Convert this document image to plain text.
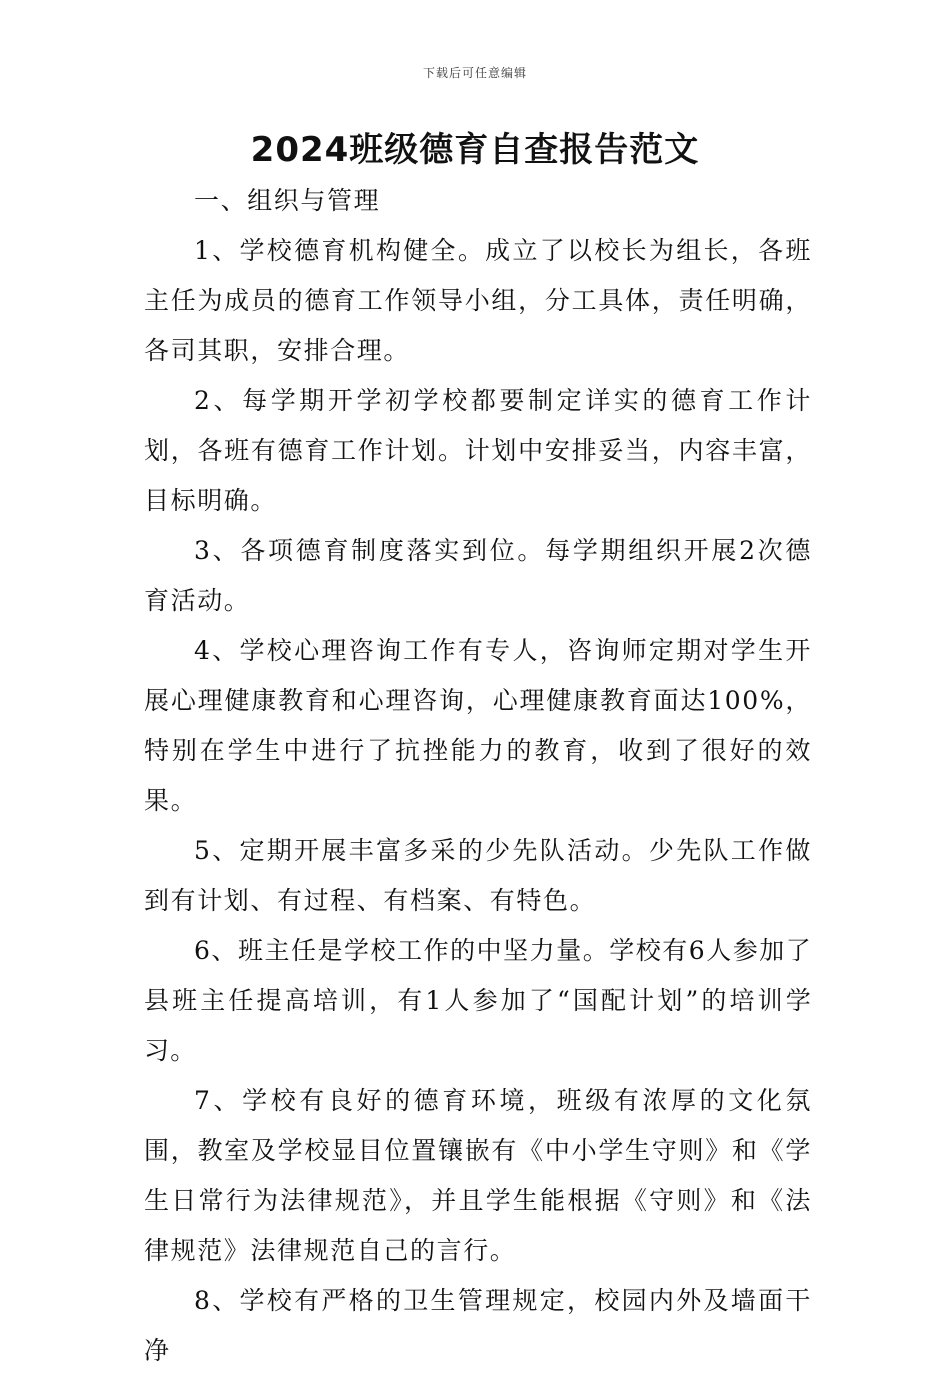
下载后可任意编辑
2024班级德育自查报告范文

一、组织与管理

1、学校德育机构健全。成立了以校长为组长，各班主任为成员的德育工作领导小组，分工具体，责任明确，各司其职，安排合理。

2、每学期开学初学校都要制定详实的德育工作计划，各班有德育工作计划。计划中安排妥当，内容丰富，目标明确。

3、各项德育制度落实到位。每学期组织开展2次德育活动。

4、学校心理咨询工作有专人，咨询师定期对学生开展心理健康教育和心理咨询，心理健康教育面达100%，特别在学生中进行了抗挫能力的教育，收到了很好的效果。

5、定期开展丰富多采的少先队活动。少先队工作做到有计划、有过程、有档案、有特色。

6、班主任是学校工作的中坚力量。学校有6人参加了县班主任提高培训，有1人参加了“国配计划”的培训学习。

7、学校有良好的德育环境，班级有浓厚的文化氛围，教室及学校显目位置镶嵌有《中小学生守则》和《学生日常行为法律规范》，并且学生能根据《守则》和《法律规范》法律规范自己的言行。

8、学校有严格的卫生管理规定，校园内外及墙面干净
